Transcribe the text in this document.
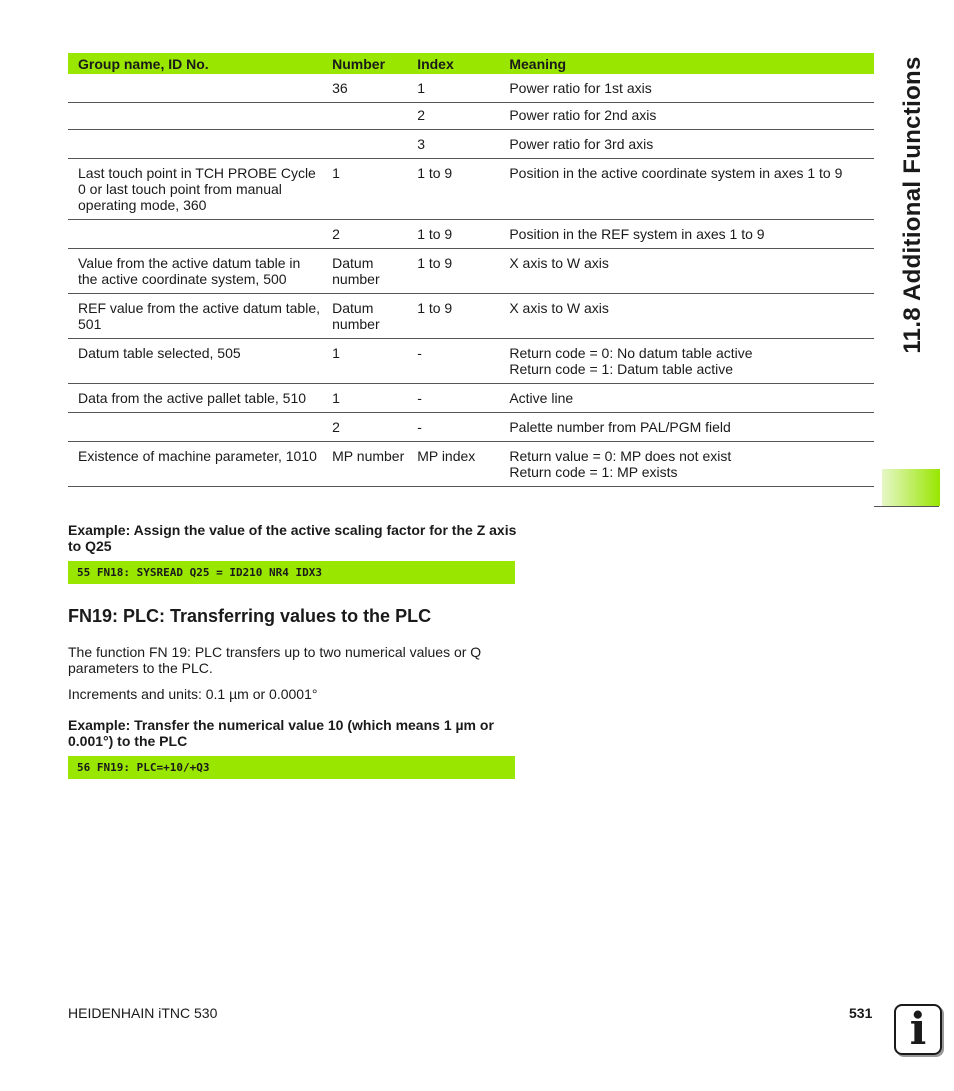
Group name, ID No.	Number	Index	Meaning
	36	1	Power ratio for 1st axis
		2	Power ratio for 2nd axis
		3	Power ratio for 3rd axis
Last touch point in TCH PROBE Cycle 0 or last touch point from manual operating mode, 360	1	1 to 9	Position in the active coordinate system in axes 1 to 9
	2	1 to 9	Position in the REF system in axes 1 to 9
Value from the active datum table in the active coordinate system, 500	Datum number	1 to 9	X axis to W axis
REF value from the active datum table, 501	Datum number	1 to 9	X axis to W axis
Datum table selected, 505	1	-	Return code = 0: No datum table active
Return code = 1: Datum table active
Data from the active pallet table, 510	1	-	Active line
	2	-	Palette number from PAL/PGM field
Existence of machine parameter, 1010	MP number	MP index	Return value = 0: MP does not exist
Return code = 1: MP exists
11.8 Additional Functions
Example: Assign the value of the active scaling factor for the Z axis to Q25
55 FN18: SYSREAD Q25 = ID210 NR4 IDX3
FN19: PLC: Transferring values to the PLC
The function FN 19: PLC transfers up to two numerical values or Q parameters to the PLC.
Increments and units: 0.1 µm or 0.0001°
Example: Transfer the numerical value 10 (which means 1 µm or 0.001°) to the PLC
56 FN19: PLC=+10/+Q3
HEIDENHAIN iTNC 530	531 i
